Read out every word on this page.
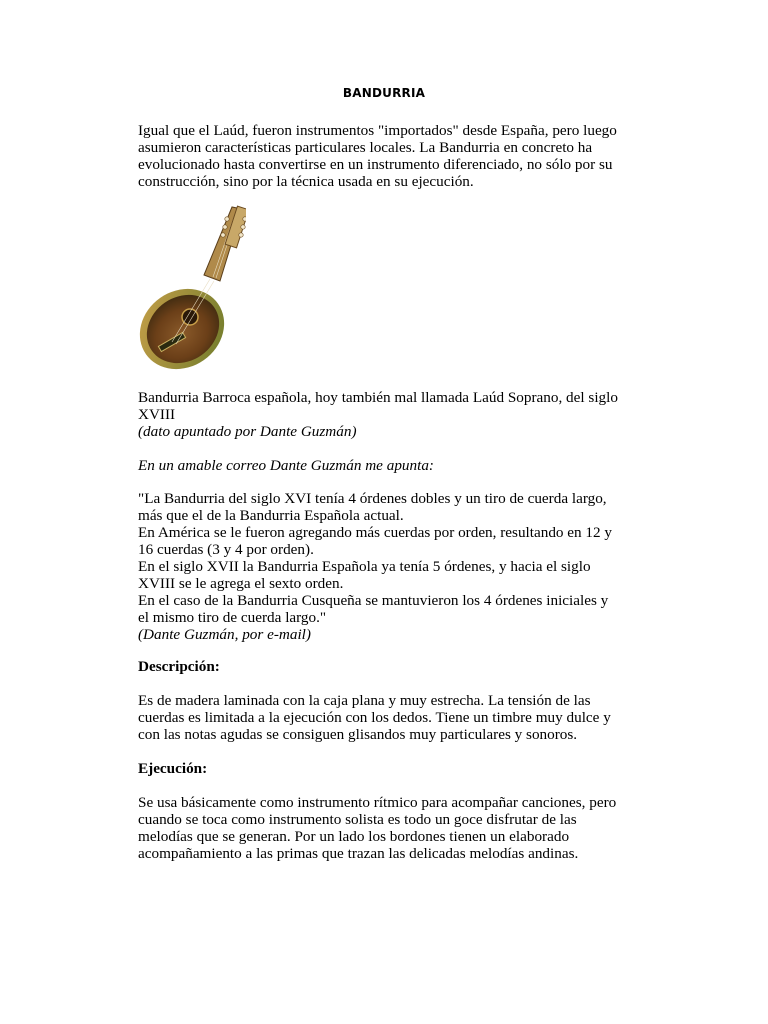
BANDURRIA

Igual que el Laúd, fueron instrumentos "importados" desde España, pero luego
asumieron características particulares locales. La Bandurria en concreto ha
evolucionado hasta convertirse en un instrumento diferenciado, no sólo por su
construcción, sino por la técnica usada en su ejecución.

Bandurria Barroca española, hoy también mal llamada Laúd Soprano, del siglo
XVIII
(dato apuntado por Dante Guzmán)

En un amable correo Dante Guzmán me apunta:

"La Bandurria del siglo XVI tenía 4 órdenes dobles y un tiro de cuerda largo,
más que el de la Bandurria Española actual.
En América se le fueron agregando más cuerdas por orden, resultando en 12 y
16 cuerdas (3 y 4 por orden).
En el siglo XVII la Bandurria Española ya tenía 5 órdenes, y hacia el siglo
XVIII se le agrega el sexto orden.
En el caso de la Bandurria Cusqueña se mantuvieron los 4 órdenes iniciales y
el mismo tiro de cuerda largo."
(Dante Guzmán, por e-mail)

Descripción:

Es de madera laminada con la caja plana y muy estrecha. La tensión de las
cuerdas es limitada a la ejecución con los dedos. Tiene un timbre muy dulce y
con las notas agudas se consiguen glisandos muy particulares y sonoros.

Ejecución:

Se usa básicamente como instrumento rítmico para acompañar canciones, pero
cuando se toca como instrumento solista es todo un goce disfrutar de las
melodías que se generan. Por un lado los bordones tienen un elaborado
acompañamiento a las primas que trazan las delicadas melodías andinas.
